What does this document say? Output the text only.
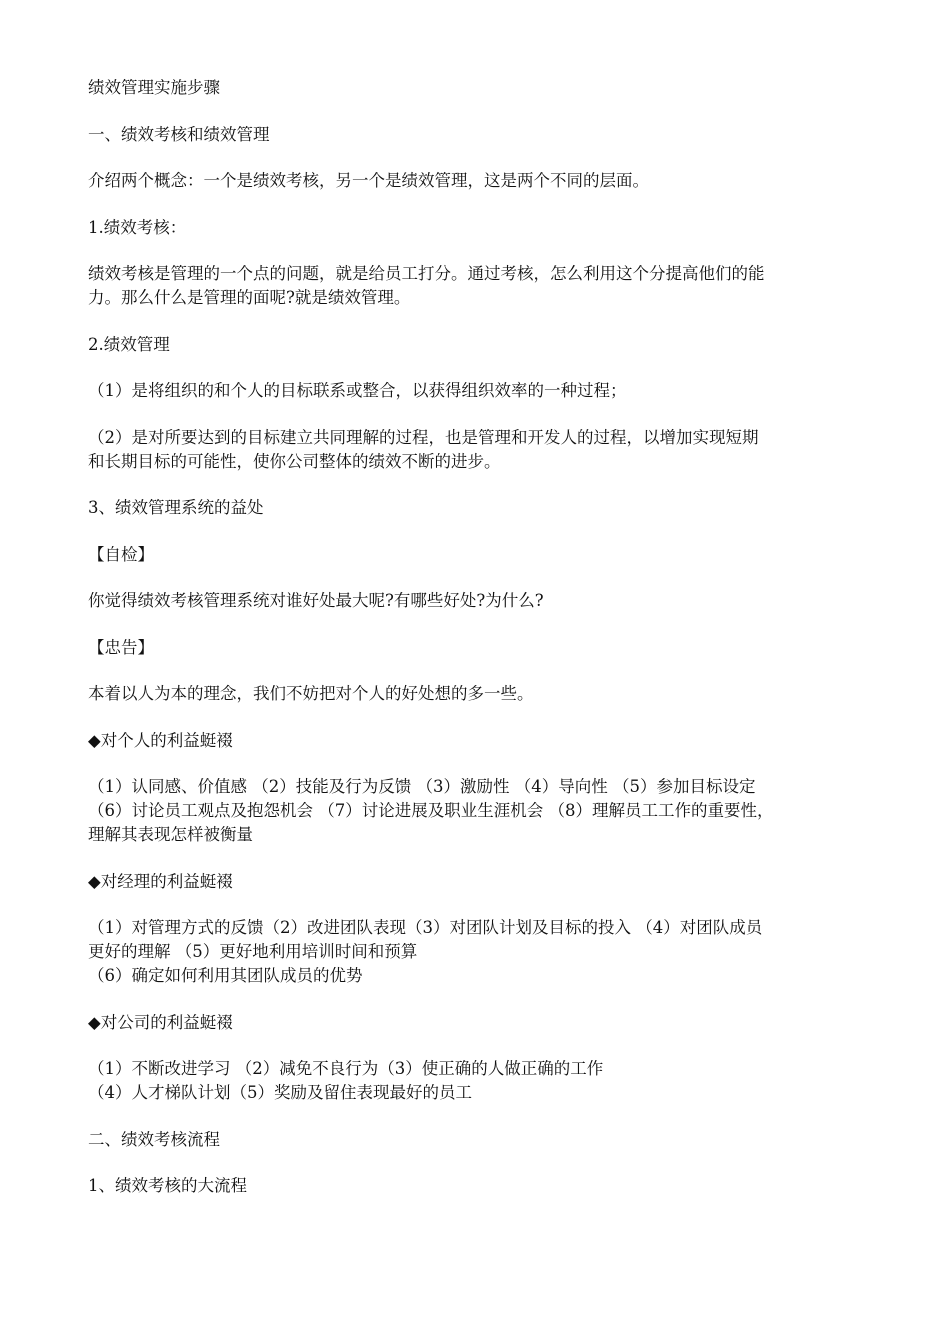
绩效管理实施步骤

一、绩效考核和绩效管理

介绍两个概念：一个是绩效考核，另一个是绩效管理，这是两个不同的层面。

1.绩效考核：

绩效考核是管理的一个点的问题，就是给员工打分。通过考核，怎么利用这个分提高他们的能
力。那么什么是管理的面呢?就是绩效管理。

2.绩效管理

（1）是将组织的和个人的目标联系或整合，以获得组织效率的一种过程；

（2）是对所要达到的目标建立共同理解的过程，也是管理和开发人的过程，以增加实现短期
和长期目标的可能性，使你公司整体的绩效不断的进步。

3、绩效管理系统的益处

【自检】

你觉得绩效考核管理系统对谁好处最大呢?有哪些好处?为什么?

【忠告】

本着以人为本的理念，我们不妨把对个人的好处想的多一些。

◆对个人的利益蜓裰

（1）认同感、价值感 （2）技能及行为反馈 （3）激励性 （4）导向性 （5）参加目标设定
（6）讨论员工观点及抱怨机会 （7）讨论进展及职业生涯机会 （8）理解员工工作的重要性，
理解其表现怎样被衡量

◆对经理的利益蜓裰

（1）对管理方式的反馈（2）改进团队表现（3）对团队计划及目标的投入 （4）对团队成员
更好的理解 （5）更好地利用培训时间和预算
（6）确定如何利用其团队成员的优势

◆对公司的利益蜓裰

（1）不断改进学习 （2）减免不良行为（3）使正确的人做正确的工作
（4）人才梯队计划（5）奖励及留住表现最好的员工

二、绩效考核流程

1、绩效考核的大流程
